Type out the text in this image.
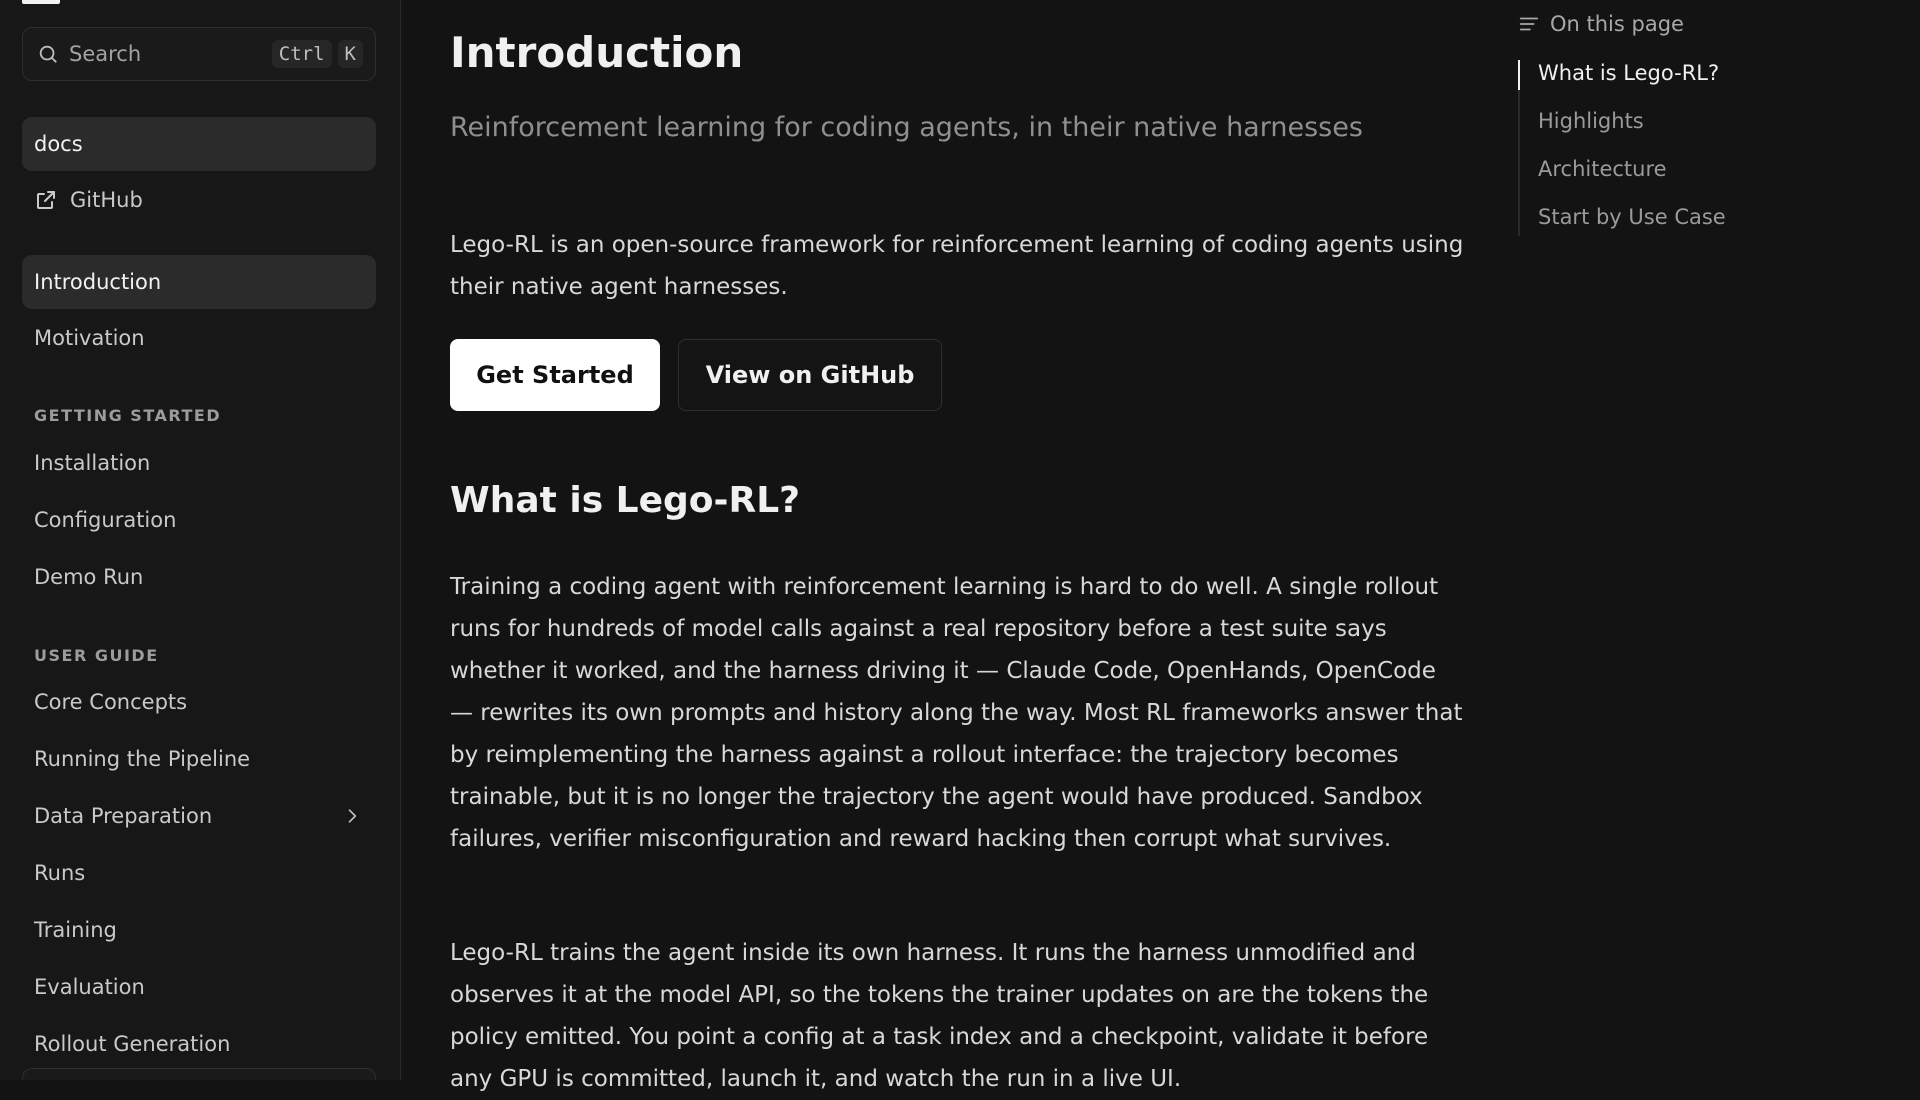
Search	Ctrl	K
docs
GitHub
Introduction
Motivation
GETTING STARTED
Installation
Configuration
Demo Run
USER GUIDE
Core Concepts
Running the Pipeline
Data Preparation
Runs
Training
Evaluation
Rollout Generation
Introduction

Reinforcement learning for coding agents, in their native harnesses

Lego-RL is an open-source framework for reinforcement learning of coding agents using their native agent harnesses.

Get Started	View on GitHub
What is Lego-RL?

Training a coding agent with reinforcement learning is hard to do well. A single rollout runs for hundreds of model calls against a real repository before a test suite says whether it worked, and the harness driving it — Claude Code, OpenHands, OpenCode — rewrites its own prompts and history along the way. Most RL frameworks answer that by reimplementing the harness against a rollout interface: the trajectory becomes trainable, but it is no longer the trajectory the agent would have produced. Sandbox failures, verifier misconfiguration and reward hacking then corrupt what survives.

Lego-RL trains the agent inside its own harness. It runs the harness unmodified and observes it at the model API, so the tokens the trainer updates on are the tokens the policy emitted. You point a config at a task index and a checkpoint, validate it before any GPU is committed, launch it, and watch the run in a live UI.

On this page
What is Lego-RL?
Highlights
Architecture
Start by Use Case
